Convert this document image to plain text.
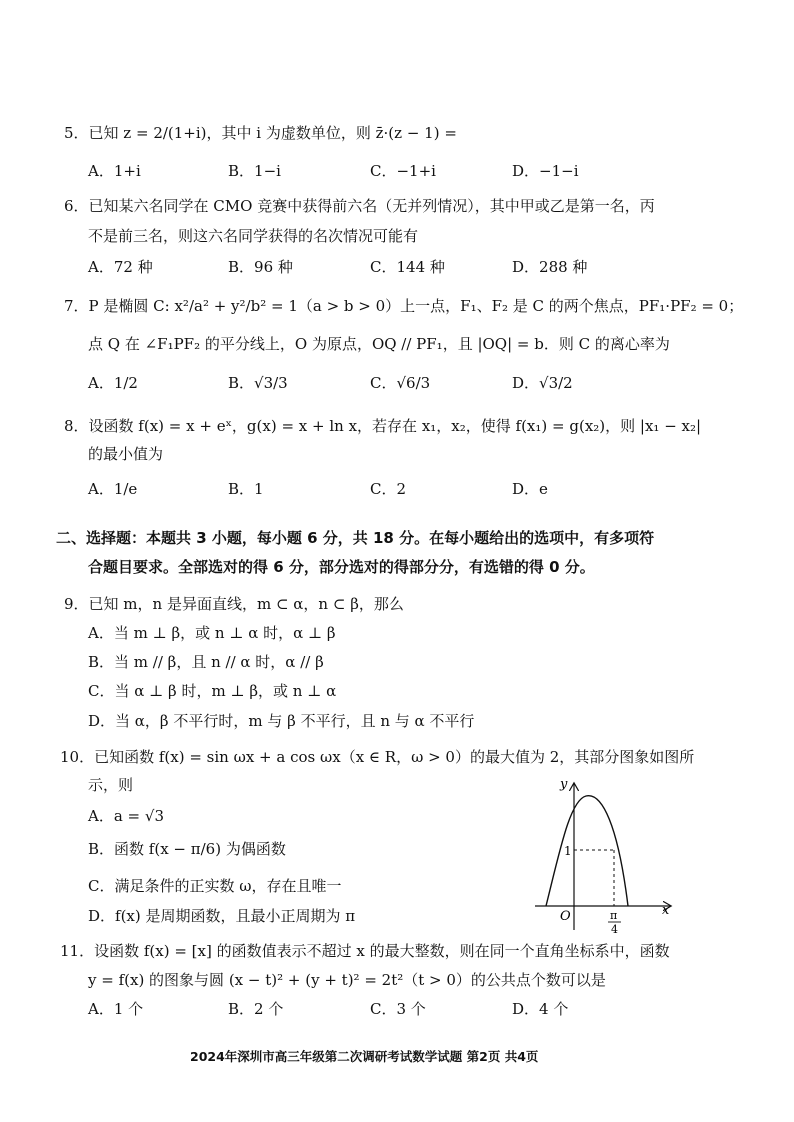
5．已知 z = 2/(1+i)，其中 i 为虚数单位，则 z̄·(z − 1) =
A．1+i	B．1−i	C．−1+i	D．−1−i
6．已知某六名同学在 CMO 竞赛中获得前六名（无并列情况），其中甲或乙是第一名，丙
不是前三名，则这六名同学获得的名次情况可能有
A．72 种	B．96 种	C．144 种	D．288 种
7．P 是椭圆 C: x²/a² + y²/b² = 1（a > b > 0）上一点，F₁、F₂ 是 C 的两个焦点，PF₁·PF₂ = 0；
点 Q 在 ∠F₁PF₂ 的平分线上，O 为原点，OQ // PF₁，且 |OQ| = b．则 C 的离心率为
A．1/2	B．√3/3	C．√6/3	D．√3/2
8．设函数 f(x) = x + eˣ，g(x) = x + ln x，若存在 x₁，x₂，使得 f(x₁) = g(x₂)，则 |x₁ − x₂|
的最小值为
A．1/e	B．1	C．2	D．e
二、选择题：本题共 3 小题，每小题 6 分，共 18 分。在每小题给出的选项中，有多项符
合题目要求。全部选对的得 6 分，部分选对的得部分分，有选错的得 0 分。
9．已知 m，n 是异面直线，m ⊂ α，n ⊂ β，那么
A．当 m ⊥ β，或 n ⊥ α 时，α ⊥ β
B．当 m // β，且 n // α 时，α // β
C．当 α ⊥ β 时，m ⊥ β，或 n ⊥ α
D．当 α，β 不平行时，m 与 β 不平行，且 n 与 α 不平行
10．已知函数 f(x) = sin ωx + a cos ωx（x ∈ R，ω > 0）的最大值为 2，其部分图象如图所
示，则
A．a = √3
B．函数 f(x − π/6) 为偶函数
C．满足条件的正实数 ω，存在且唯一
D．f(x) 是周期函数，且最小正周期为 π
y
x
O
1
π
4
11．设函数 f(x) = [x] 的函数值表示不超过 x 的最大整数，则在同一个直角坐标系中，函数
y = f(x) 的图象与圆 (x − t)² + (y + t)² = 2t²（t > 0）的公共点个数可以是
A．1 个	B．2 个	C．3 个	D．4 个
2024年深圳市高三年级第二次调研考试数学试题 第2页 共4页
